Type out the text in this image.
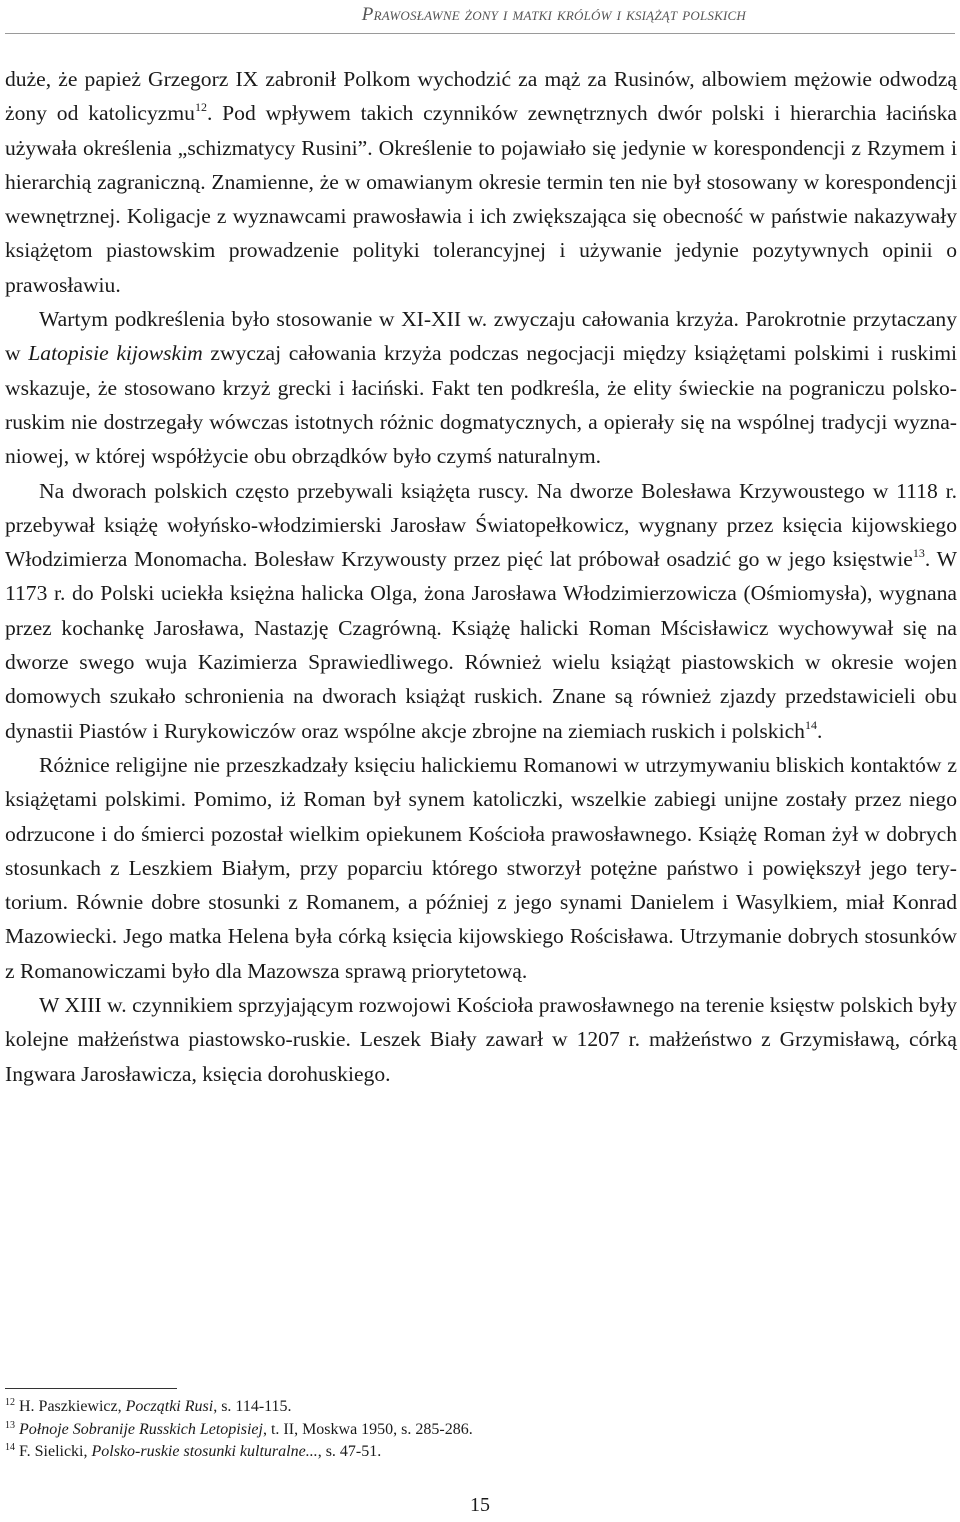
Prawosławne żony i matki królów i książąt polskich

duże, że papież Grzegorz IX zabronił Polkom wychodzić za mąż za Rusinów, albowiem mężowie odwodzą żony od katolicyzmu$^{12}$. Pod wpływem takich czynników zewnętrznych dwór polski i hierarchia łacińska używała określenia „schizmatycy Rusini”. Określenie to pojawiało się jedynie w korespondencji z Rzymem i hierarchią zagraniczną. Znamienne, że w omawianym okresie termin ten nie był stosowany w korespondencji wewnętrznej. Koligacje z wyznawcami prawosławia i ich zwiększająca się obecność w państwie nakazywały książętom piastowskim prowadzenie polityki tolerancyjnej i używanie jedynie pozytywnych opinii o prawosławiu.

Wartym podkreślenia było stosowanie w XI-XII w. zwyczaju całowania krzyża. Parokrotnie przytaczany w Latopisie kijowskim zwyczaj całowania krzyża podczas negocjacji między książętami polskimi i ruskimi wskazuje, że stosowano krzyż grecki i łaciński. Fakt ten podkreśla, że elity świeckie na pograniczu polsko-ruskim nie dostrzegały wówczas istotnych różnic dogmatycznych, a opierały się na wspólnej tradycji wyznaniowej, w której współżycie obu obrządków było czymś naturalnym.

Na dworach polskich często przebywali książęta ruscy. Na dworze Bolesława Krzywoustego w 1118 r. przebywał książę wołyńsko-włodzimierski Jarosław Światopełkowicz, wygnany przez księcia kijowskiego Włodzimierza Monomacha. Bolesław Krzywousty przez pięć lat próbował osadzić go w jego księstwie$^{13}$. W 1173 r. do Polski uciekła księżna halicka Olga, żona Jarosława Włodzimierzowicza (Ośmiomysła), wygnana przez kochankę Jarosława, Nastazję Czagrówną. Książę halicki Roman Mścisławicz wychowywał się na dworze swego wuja Kazimierza Sprawiedliwego. Również wielu książąt piastowskich w okresie wojen domowych szukało schronienia na dworach książąt ruskich. Znane są również zjazdy przedstawicieli obu dynastii Piastów i Rurykowiczów oraz wspólne akcje zbrojne na ziemiach ruskich i polskich$^{14}$.

Różnice religijne nie przeszkadzały księciu halickiemu Romanowi w utrzymywaniu bliskich kontaktów z książętami polskimi. Pomimo, iż Roman był synem katoliczki, wszelkie zabiegi unijne zostały przez niego odrzucone i do śmierci pozostał wielkim opiekunem Kościoła prawosławnego. Książę Roman żył w dobrych stosunkach z Leszkiem Białym, przy poparciu którego stworzył potężne państwo i powiększył jego terytorium. Równie dobre stosunki z Romanem, a później z jego synami Danielem i Wasylkiem, miał Konrad Mazowiecki. Jego matka Helena była córką księcia kijowskiego Rościsława. Utrzymanie dobrych stosunków z Romanowiczami było dla Mazowsza sprawą priorytetową.

W XIII w. czynnikiem sprzyjającym rozwojowi Kościoła prawosławnego na terenie księstw polskich były kolejne małżeństwa piastowsko-ruskie. Leszek Biały zawarł w 1207 r. małżeństwo z Grzymisławą, córką Ingwara Jarosławicza, księcia dorohuskiego.

$^{12}$ H. Paszkiewicz, Początki Rusi, s. 114-115.

$^{13}$ Połnoje Sobranije Russkich Letopisiej, t. II, Moskwa 1950, s. 285-286.

$^{14}$ F. Sielicki, Polsko-ruskie stosunki kulturalne..., s. 47-51.

15
